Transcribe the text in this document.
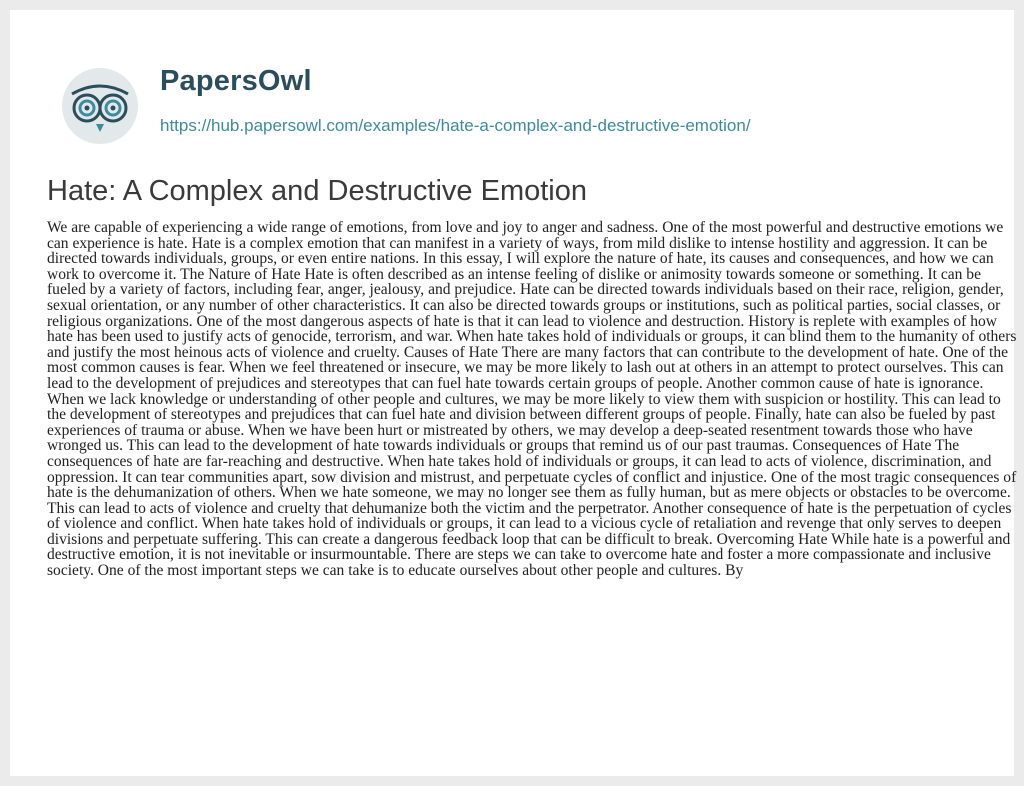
PapersOwl
https://hub.papersowl.com/examples/hate-a-complex-and-destructive-emotion/
Hate: A Complex and Destructive Emotion

We are capable of experiencing a wide range of emotions, from love and joy to anger and sadness. One of the most powerful and destructive emotions we can experience is hate. Hate is a complex emotion that can manifest in a variety of ways, from mild dislike to intense hostility and aggression. It can be directed towards individuals, groups, or even entire nations. In this essay, I will explore the nature of hate, its causes and consequences, and how we can work to overcome it. The Nature of Hate Hate is often described as an intense feeling of dislike or animosity towards someone or something. It can be fueled by a variety of factors, including fear, anger, jealousy, and prejudice. Hate can be directed towards individuals based on their race, religion, gender, sexual orientation, or any number of other characteristics. It can also be directed towards groups or institutions, such as political parties, social classes, or religious organizations. One of the most dangerous aspects of hate is that it can lead to violence and destruction. History is replete with examples of how hate has been used to justify acts of genocide, terrorism, and war. When hate takes hold of individuals or groups, it can blind them to the humanity of others and justify the most heinous acts of violence and cruelty. Causes of Hate There are many factors that can contribute to the development of hate. One of the most common causes is fear. When we feel threatened or insecure, we may be more likely to lash out at others in an attempt to protect ourselves. This can lead to the development of prejudices and stereotypes that can fuel hate towards certain groups of people. Another common cause of hate is ignorance. When we lack knowledge or understanding of other people and cultures, we may be more likely to view them with suspicion or hostility. This can lead to the development of stereotypes and prejudices that can fuel hate and division between different groups of people. Finally, hate can also be fueled by past experiences of trauma or abuse. When we have been hurt or mistreated by others, we may develop a deep-seated resentment towards those who have wronged us. This can lead to the development of hate towards individuals or groups that remind us of our past traumas. Consequences of Hate The consequences of hate are far-reaching and destructive. When hate takes hold of individuals or groups, it can lead to acts of violence, discrimination, and oppression. It can tear communities apart, sow division and mistrust, and perpetuate cycles of conflict and injustice. One of the most tragic consequences of hate is the dehumanization of others. When we hate someone, we may no longer see them as fully human, but as mere objects or obstacles to be overcome. This can lead to acts of violence and cruelty that dehumanize both the victim and the perpetrator. Another consequence of hate is the perpetuation of cycles of violence and conflict. When hate takes hold of individuals or groups, it can lead to a vicious cycle of retaliation and revenge that only serves to deepen divisions and perpetuate suffering. This can create a dangerous feedback loop that can be difficult to break. Overcoming Hate While hate is a powerful and destructive emotion, it is not inevitable or insurmountable. There are steps we can take to overcome hate and foster a more compassionate and inclusive society. One of the most important steps we can take is to educate ourselves about other people and cultures. By
